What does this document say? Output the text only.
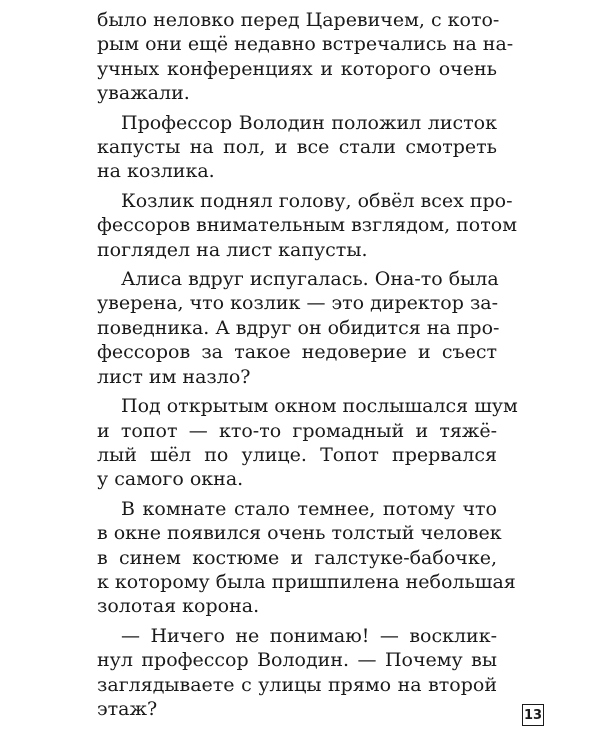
было неловко перед Царевичем, с кото-
рым они ещё недавно встречались на на-
учных конференциях и которого очень
уважали.
Профессор Володин положил листок
капусты на пол, и все стали смотреть
на козлика.
Козлик поднял голову, обвёл всех про-
фессоров внимательным взглядом, потом
поглядел на лист капусты.
Алиса вдруг испугалась. Она-то была
уверена, что козлик — это директор за-
поведника. А вдруг он обидится на про-
фессоров за такое недоверие и съест
лист им назло?
Под открытым окном послышался шум
и топот — кто-то громадный и тяжё-
лый шёл по улице. Топот прервался
у самого окна.
В комнате стало темнее, потому что
в окне появился очень толстый человек
в синем костюме и галстуке-бабочке,
к которому была пришпилена небольшая
золотая корона.
— Ничего не понимаю! — восклик-
нул профессор Володин. — Почему вы
заглядываете с улицы прямо на второй
этаж?	13
